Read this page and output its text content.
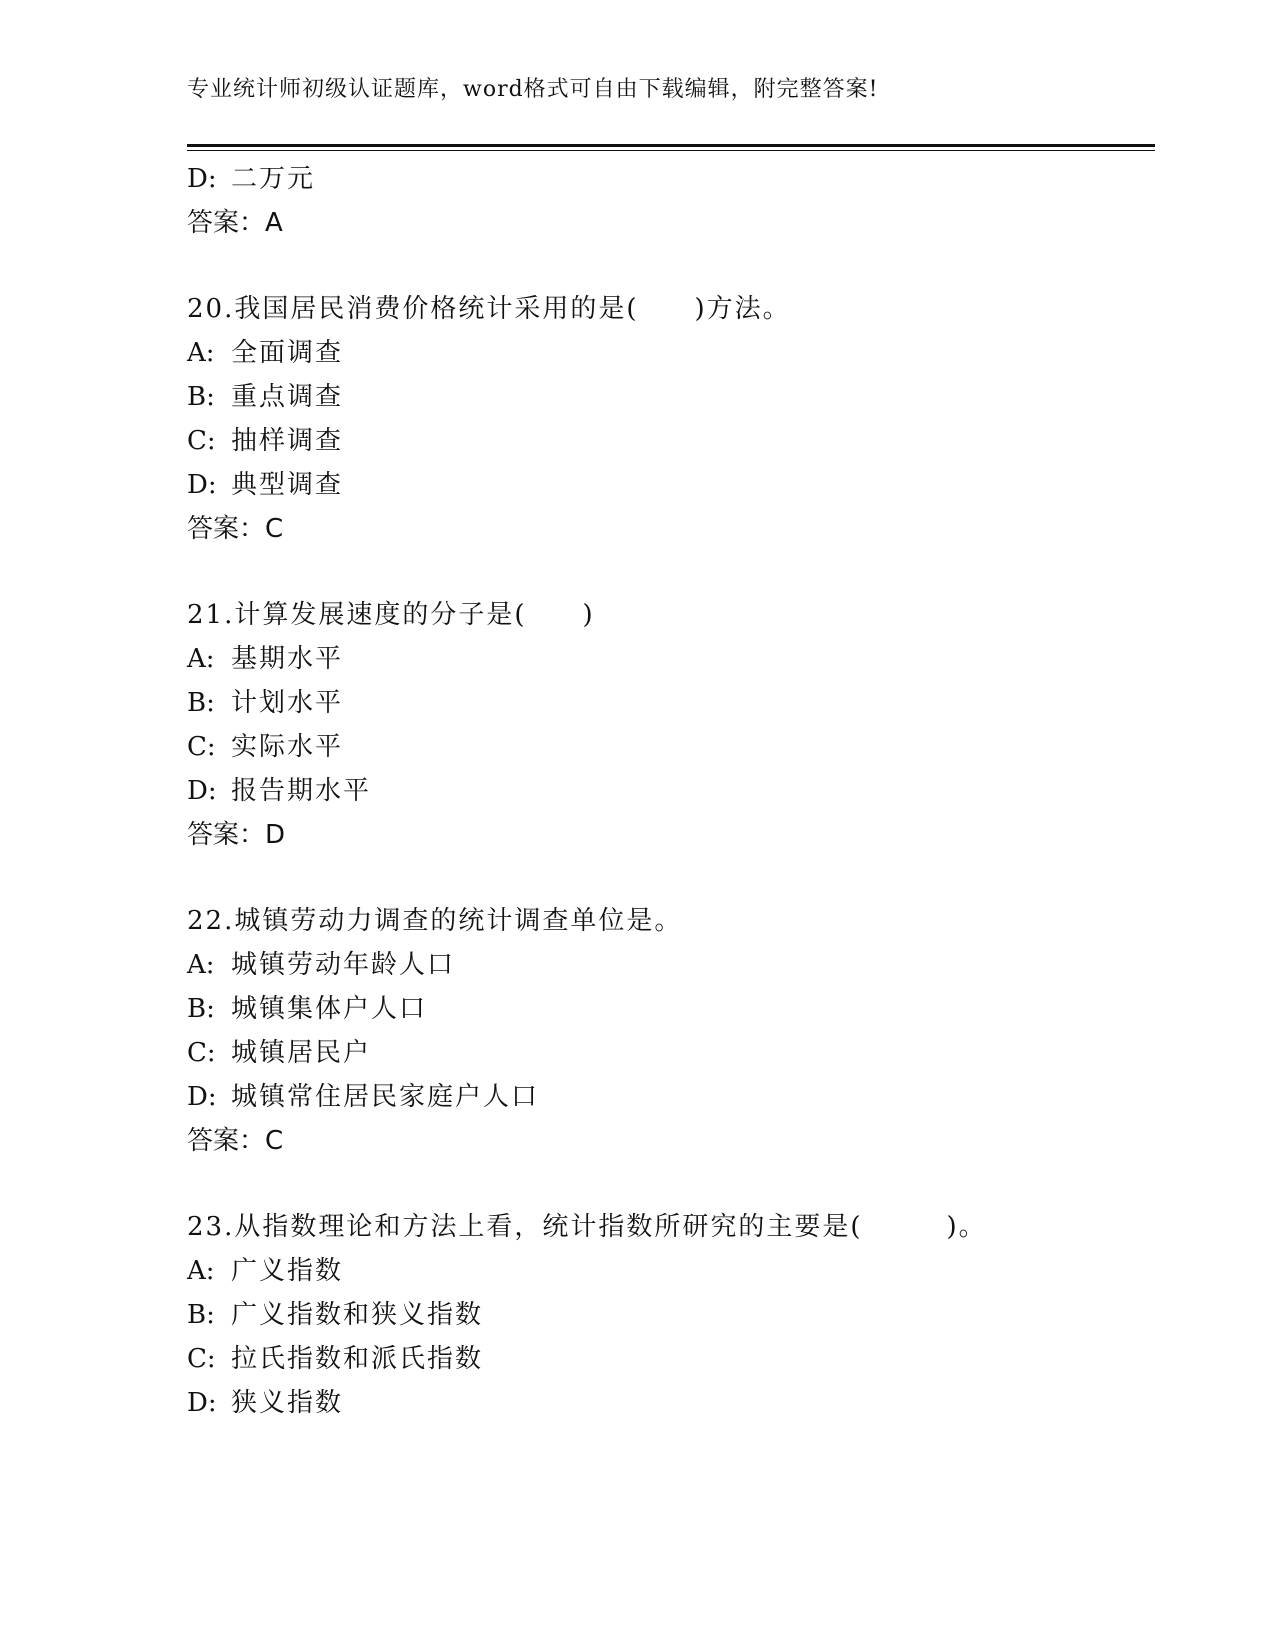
专业统计师初级认证题库，word格式可自由下载编辑，附完整答案!
D: 二万元
答案：A
20.我国居民消费价格统计采用的是(　　)方法。
A: 全面调查
B: 重点调查
C: 抽样调查
D: 典型调查
答案：C
21.计算发展速度的分子是(　　)
A: 基期水平
B: 计划水平
C: 实际水平
D: 报告期水平
答案：D
22.城镇劳动力调查的统计调查单位是。
A: 城镇劳动年龄人口
B: 城镇集体户人口
C: 城镇居民户
D: 城镇常住居民家庭户人口
答案：C
23.从指数理论和方法上看，统计指数所研究的主要是(　　　)。
A: 广义指数
B: 广义指数和狭义指数
C: 拉氏指数和派氏指数
D: 狭义指数
